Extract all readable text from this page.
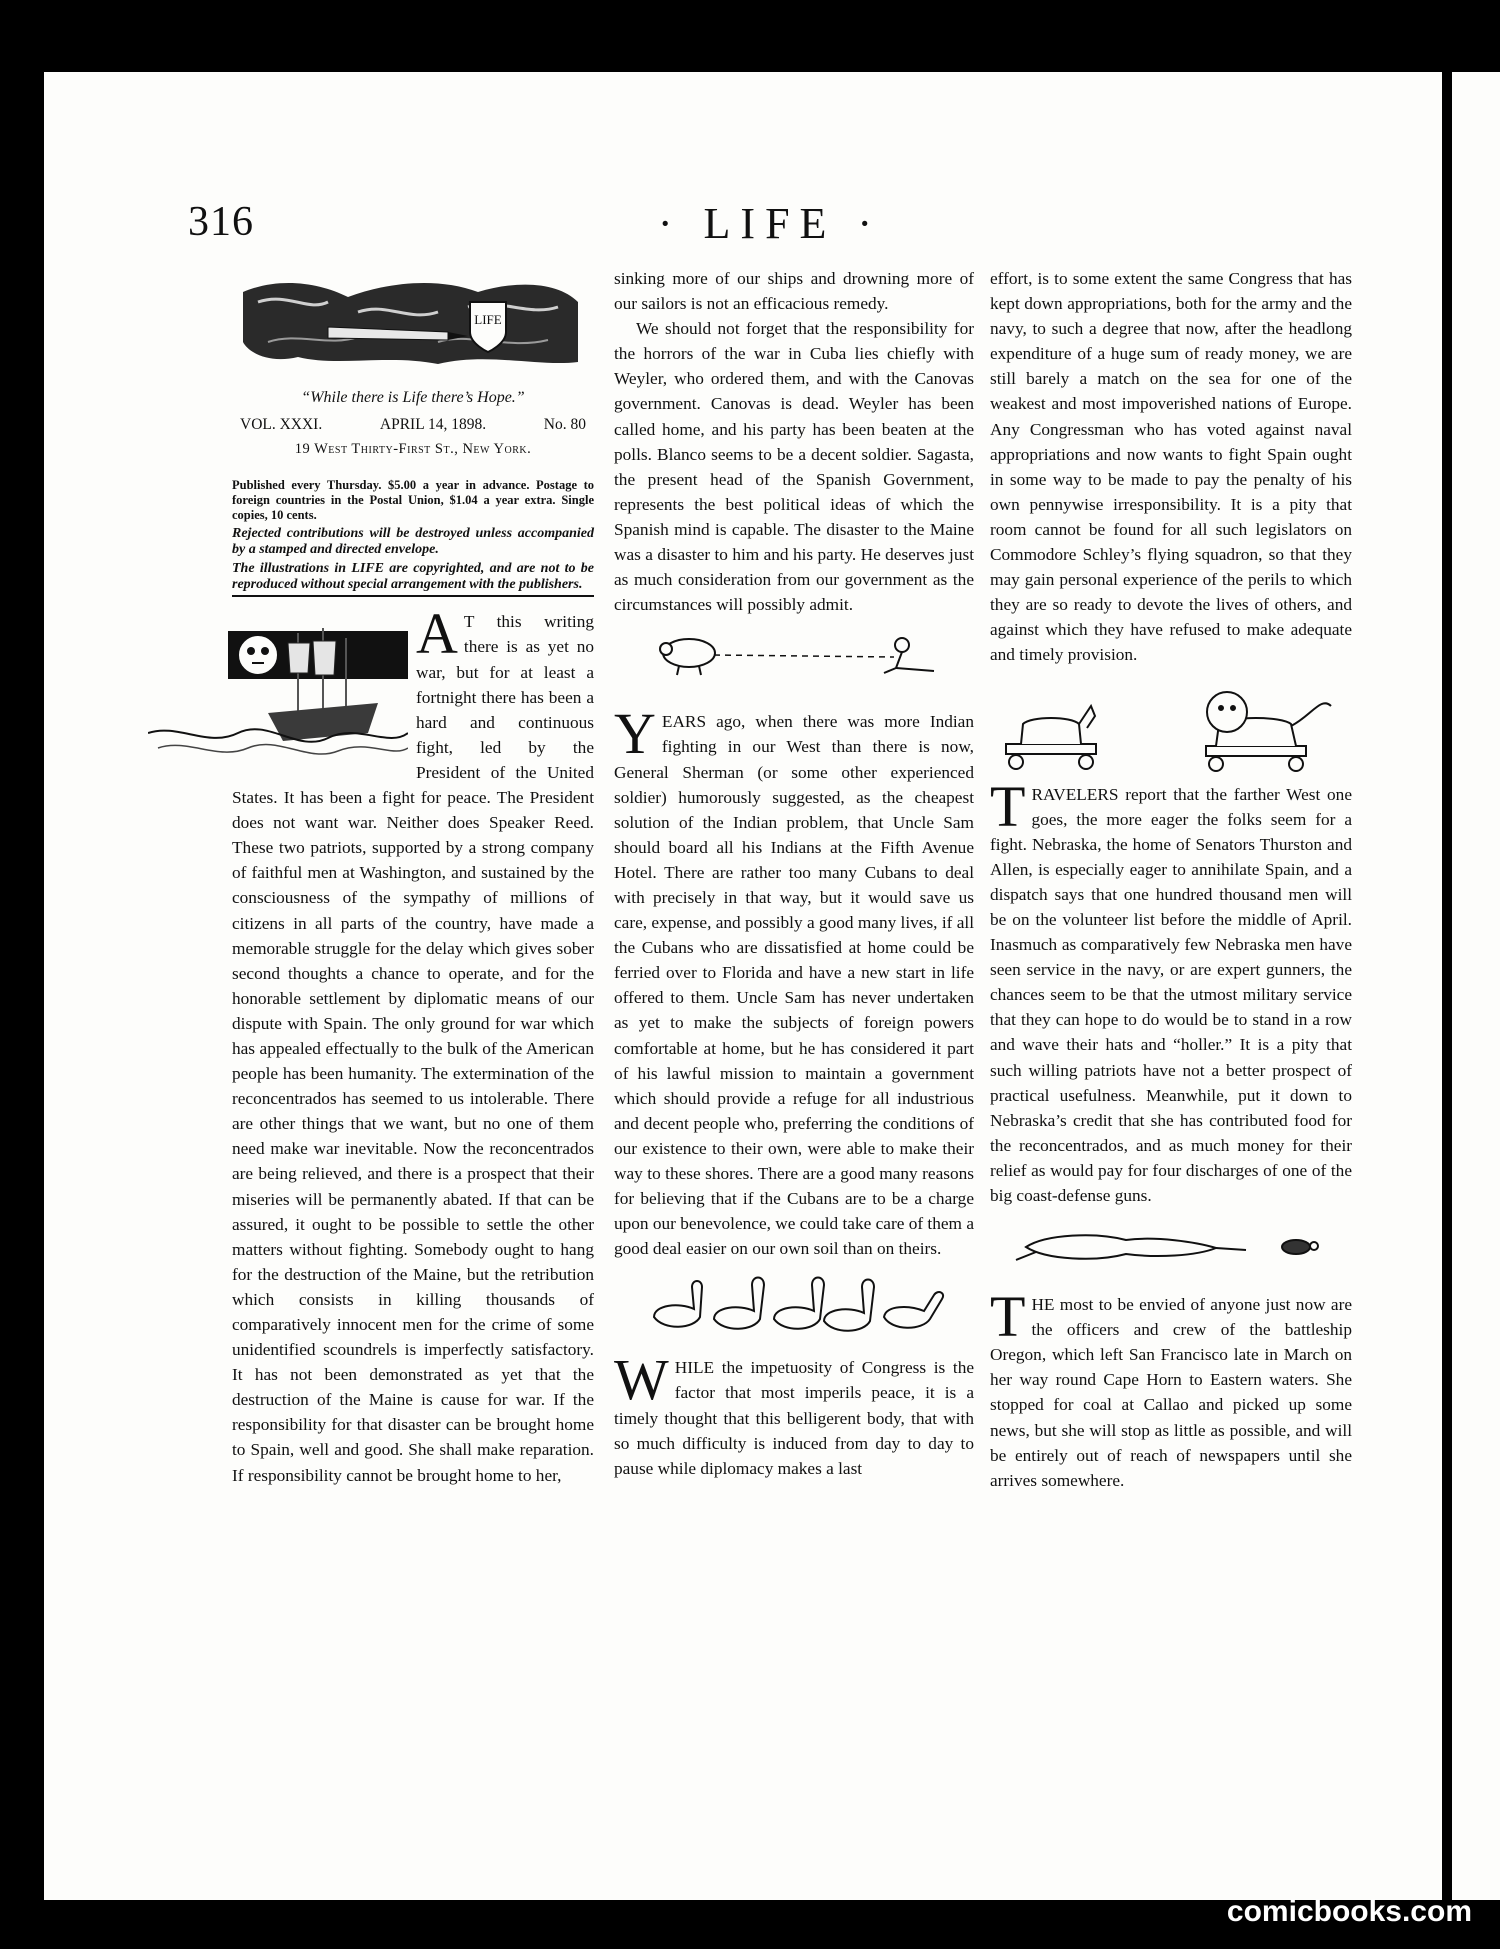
316	· LIFE ·
LIFE
“While there is Life there’s Hope.”
VOL. XXXI.	APRIL 14, 1898.	No. 80
19 West Thirty-First St., New York.
Published every Thursday. $5.00 a year in advance. Postage to foreign countries in the Postal Union, $1.04 a year extra. Single copies, 10 cents.
Rejected contributions will be destroyed unless accompanied by a stamped and directed envelope.
The illustrations in LIFE are copyrighted, and are not to be reproduced without special arrangement with the publishers.

A T this writing there is as yet no war, but for at least a fortnight there has been a hard and continuous fight, led by the President of the United States. It has been a fight for peace. The President does not want war. Neither does Speaker Reed. These two patriots, supported by a strong company of faithful men at Washington, and sustained by the consciousness of the sympathy of millions of citizens in all parts of the country, have made a memorable struggle for the delay which gives sober second thoughts a chance to operate, and for the honorable settlement by diplomatic means of our dispute with Spain. The only ground for war which has appealed effectually to the bulk of the American people has been humanity. The extermination of the reconcentrados has seemed to us intolerable. There are other things that we want, but no one of them need make war inevitable. Now the reconcentrados are being relieved, and there is a prospect that their miseries will be permanently abated. If that can be assured, it ought to be possible to settle the other matters without fighting. Somebody ought to hang for the destruction of the Maine, but the retribution which consists in killing thousands of comparatively innocent men for the crime of some unidentified scoundrels is imperfectly satisfactory. It has not been demonstrated as yet that the destruction of the Maine is cause for war. If the responsibility for that disaster can be brought home to Spain, well and good. She shall make reparation. If responsibility cannot be brought home to her,

sinking more of our ships and drowning more of our sailors is not an efficacious remedy.

We should not forget that the responsibility for the horrors of the war in Cuba lies chiefly with Weyler, who ordered them, and with the Canovas government. Canovas is dead. Weyler has been called home, and his party has been beaten at the polls. Blanco seems to be a decent soldier. Sagasta, the present head of the Spanish Government, represents the best political ideas of which the Spanish mind is capable. The disaster to the Maine was a disaster to him and his party. He deserves just as much consideration from our government as the circumstances will possibly admit.

YEARS ago, when there was more Indian fighting in our West than there is now, General Sherman (or some other experienced soldier) humorously suggested, as the cheapest solution of the Indian problem, that Uncle Sam should board all his Indians at the Fifth Avenue Hotel. There are rather too many Cubans to deal with precisely in that way, but it would save us care, expense, and possibly a good many lives, if all the Cubans who are dissatisfied at home could be ferried over to Florida and have a new start in life offered to them. Uncle Sam has never undertaken as yet to make the subjects of foreign powers comfortable at home, but he has considered it part of his lawful mission to maintain a government which should provide a refuge for all industrious and decent people who, preferring the conditions of our existence to their own, were able to make their way to these shores. There are a good many reasons for believing that if the Cubans are to be a charge upon our benevolence, we could take care of them a good deal easier on our own soil than on theirs.

WHILE the impetuosity of Congress is the factor that most imperils peace, it is a timely thought that this belligerent body, that with so much difficulty is induced from day to day to pause while diplomacy makes a last

effort, is to some extent the same Congress that has kept down appropriations, both for the army and the navy, to such a degree that now, after the headlong expenditure of a huge sum of ready money, we are still barely a match on the sea for one of the weakest and most impoverished nations of Europe. Any Congressman who has voted against naval appropriations and now wants to fight Spain ought in some way to be made to pay the penalty of his own pennywise irresponsibility. It is a pity that room cannot be found for all such legislators on Commodore Schley’s flying squadron, so that they may gain personal experience of the perils to which they are so ready to devote the lives of others, and against which they have refused to make adequate and timely provision.

TRAVELERS report that the farther West one goes, the more eager the folks seem for a fight. Nebraska, the home of Senators Thurston and Allen, is especially eager to annihilate Spain, and a dispatch says that one hundred thousand men will be on the volunteer list before the middle of April. Inasmuch as comparatively few Nebraska men have seen service in the navy, or are expert gunners, the chances seem to be that the utmost military service that they can hope to do would be to stand in a row and wave their hats and “holler.” It is a pity that such willing patriots have not a better prospect of practical usefulness. Meanwhile, put it down to Nebraska’s credit that she has contributed food for the reconcentrados, and as much money for their relief as would pay for four discharges of one of the big coast-defense guns.

THE most to be envied of anyone just now are the officers and crew of the battleship Oregon, which left San Francisco late in March on her way round Cape Horn to Eastern waters. She stopped for coal at Callao and picked up some news, but she will stop as little as possible, and will be entirely out of reach of newspapers until she arrives somewhere.

comicbooks.com
